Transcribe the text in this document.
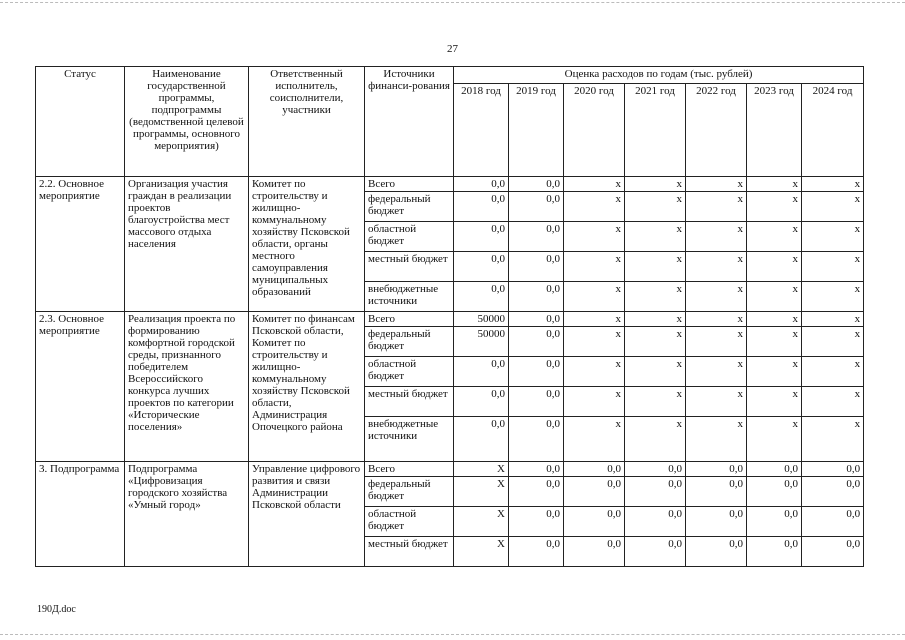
27
Статус	Наименование государственной программы, подпрограммы (ведомственной целевой программы, основного мероприятия)	Ответственный исполнитель, соисполнители, участники	Источники финанси-рования	Оценка расходов по годам (тыс. рублей)						
				2018 год	2019 год	2020 год	2021 год	2022 год	2023 год	2024 год
2.2. Основное мероприятие	Организация участия граждан в реализации проектов благоустройства мест массового отдыха населения	Комитет по строительству и жилищно-коммунальному хозяйству Псковской области, органы местного самоуправления муниципальных образований	Всего	0,0	0,0	x	x	x	x	x
			федеральный бюджет	0,0	0,0	x	x	x	x	x
			областной бюджет	0,0	0,0	x	x	x	x	x
			местный бюджет	0,0	0,0	x	x	x	x	x
			внебюджетные источники	0,0	0,0	x	x	x	x	x
2.3. Основное мероприятие	Реализация проекта по формированию комфортной городской среды, признанного победителем Всероссийского конкурса лучших проектов по категории «Исторические поселения»	Комитет по финансам Псковской области, Комитет по строительству и жилищно-коммунальному хозяйству Псковской области, Администрация Опочецкого района	Всего	50000	0,0	x	x	x	x	x
			федеральный бюджет	50000	0,0	x	x	x	x	x
			областной бюджет	0,0	0,0	x	x	x	x	x
			местный бюджет	0,0	0,0	x	x	x	x	x
			внебюджетные источники	0,0	0,0	x	x	x	x	x
3. Подпрограмма	Подпрограмма «Цифровизация городского хозяйства «Умный город»	Управление цифрового развития и связи Администрации Псковской области	Всего	X	0,0	0,0	0,0	0,0	0,0	0,0
			федеральный бюджет	X	0,0	0,0	0,0	0,0	0,0	0,0
			областной бюджет	X	0,0	0,0	0,0	0,0	0,0	0,0
			местный бюджет	X	0,0	0,0	0,0	0,0	0,0	0,0
190Д.doc
